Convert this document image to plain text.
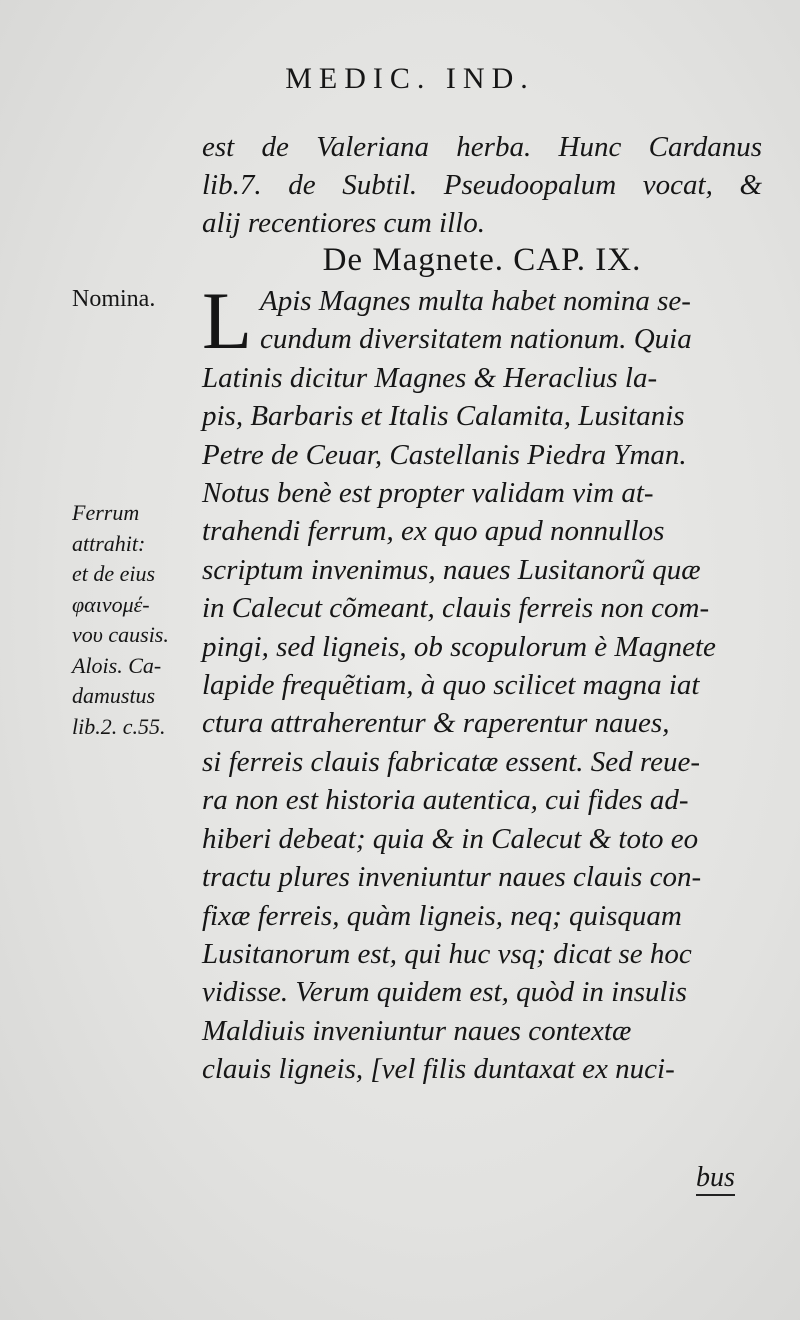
MEDIC. IND.
est de Valeriana herba. Hunc Cardanus
lib.7. de Subtil. Pseudoopalum vocat, &
alij recentiores cum illo.
De Magnete. CAP. IX.
Nomina.
Ferrum
attrahit:
et de eius
φαινομέ-
νου causis.
Alois. Ca-
damustus
lib.2. c.55.
L Apis Magnes multa habet nomina se-
cundum diversitatem nationum. Quia
Latinis dicitur Magnes & Heraclius la-
pis, Barbaris et Italis Calamita, Lusitanis
Petre de Ceuar, Castellanis Piedra Yman.
Notus benè est propter validam vim at-
trahendi ferrum, ex quo apud nonnullos
scriptum invenimus, naues Lusitanorũ quæ
in Calecut cõmeant, clauis ferreis non com-
pingi, sed ligneis, ob scopulorum è Magnete
lapide frequẽtiam, à quo scilicet magna iat
ctura attraherentur & raperentur naues,
si ferreis clauis fabricatæ essent. Sed reue-
ra non est historia autentica, cui fides ad-
hiberi debeat; quia & in Calecut & toto eo
tractu plures inveniuntur naues clauis con-
fixæ ferreis, quàm ligneis, neq; quisquam
Lusitanorum est, qui huc vsq; dicat se hoc
vidisse. Verum quidem est, quòd in insulis
Maldiuis inveniuntur naues contextæ
clauis ligneis, [vel filis duntaxat ex nuci-
bus
